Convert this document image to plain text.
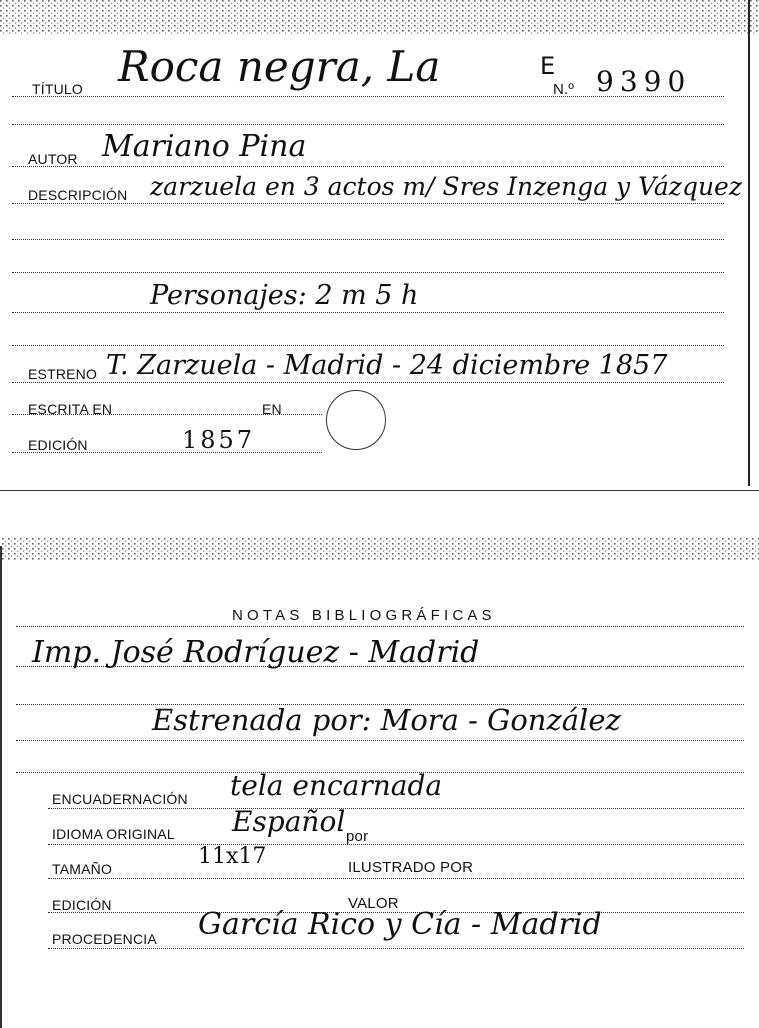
TÍTULO Roca negra, La	E
N.º 9390
AUTOR Mariano Pina
DESCRIPCIÓN zarzuela en 3 actos m/ Sres Inzenga y Vázquez
Personajes: 2 m 5 h
ESTRENO T. Zarzuela - Madrid - 24 diciembre 1857
ESCRITA EN	EN
EDICIÓN	1857
NOTAS BIBLIOGRÁFICAS
Imp. José Rodríguez - Madrid
Estrenada por: Mora - González
ENCUADERNACIÓN tela encarnada
IDIOMA ORIGINAL Español por
TAMAÑO	11x17	ILUSTRADO POR
EDICIÓN	VALOR
PROCEDENCIA García Rico y Cía - Madrid
